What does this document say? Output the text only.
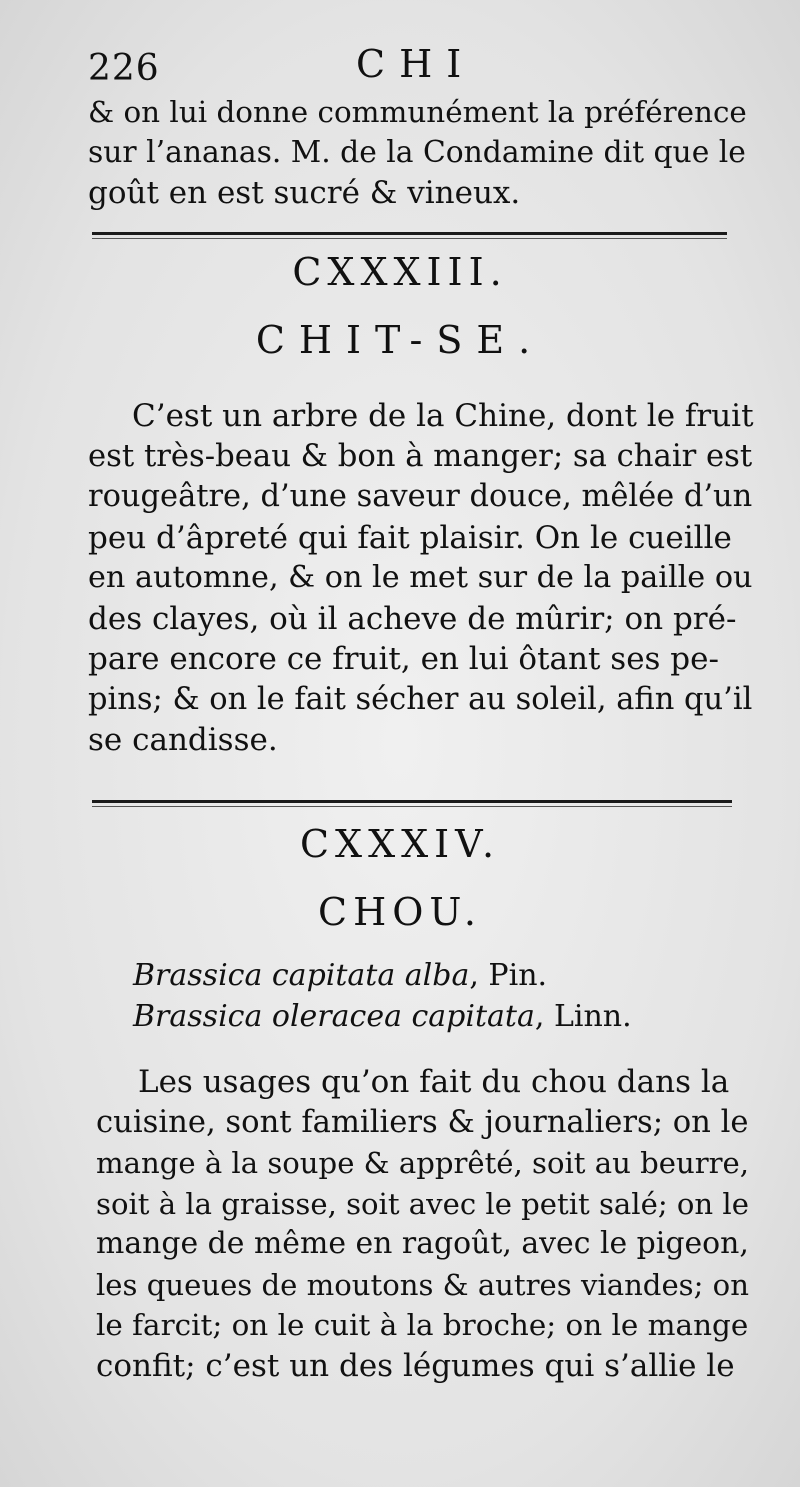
226	CHI
& on lui donne communément la préférence
sur l’ananas. M. de la Condamine dit que le
goût en est sucré & vineux.
CXXXIII.
CHIT-SE.
C’est un arbre de la Chine, dont le fruit
est très-beau & bon à manger; sa chair est
rougeâtre, d’une saveur douce, mêlée d’un
peu d’âpreté qui fait plaisir. On le cueille
en automne, & on le met sur de la paille ou
des clayes, où il acheve de mûrir; on pré-
pare encore ce fruit, en lui ôtant ses pe-
pins; & on le fait sécher au soleil, afin qu’il
se candisse.
CXXXIV.
CHOU.
Brassica capitata alba, Pin.
Brassica oleracea capitata, Linn.
Les usages qu’on fait du chou dans la
cuisine, sont familiers & journaliers; on le
mange à la soupe & apprêté, soit au beurre,
soit à la graisse, soit avec le petit salé; on le
mange de même en ragoût, avec le pigeon,
les queues de moutons & autres viandes; on
le farcit; on le cuit à la broche; on le mange
confit; c’est un des légumes qui s’allie le
